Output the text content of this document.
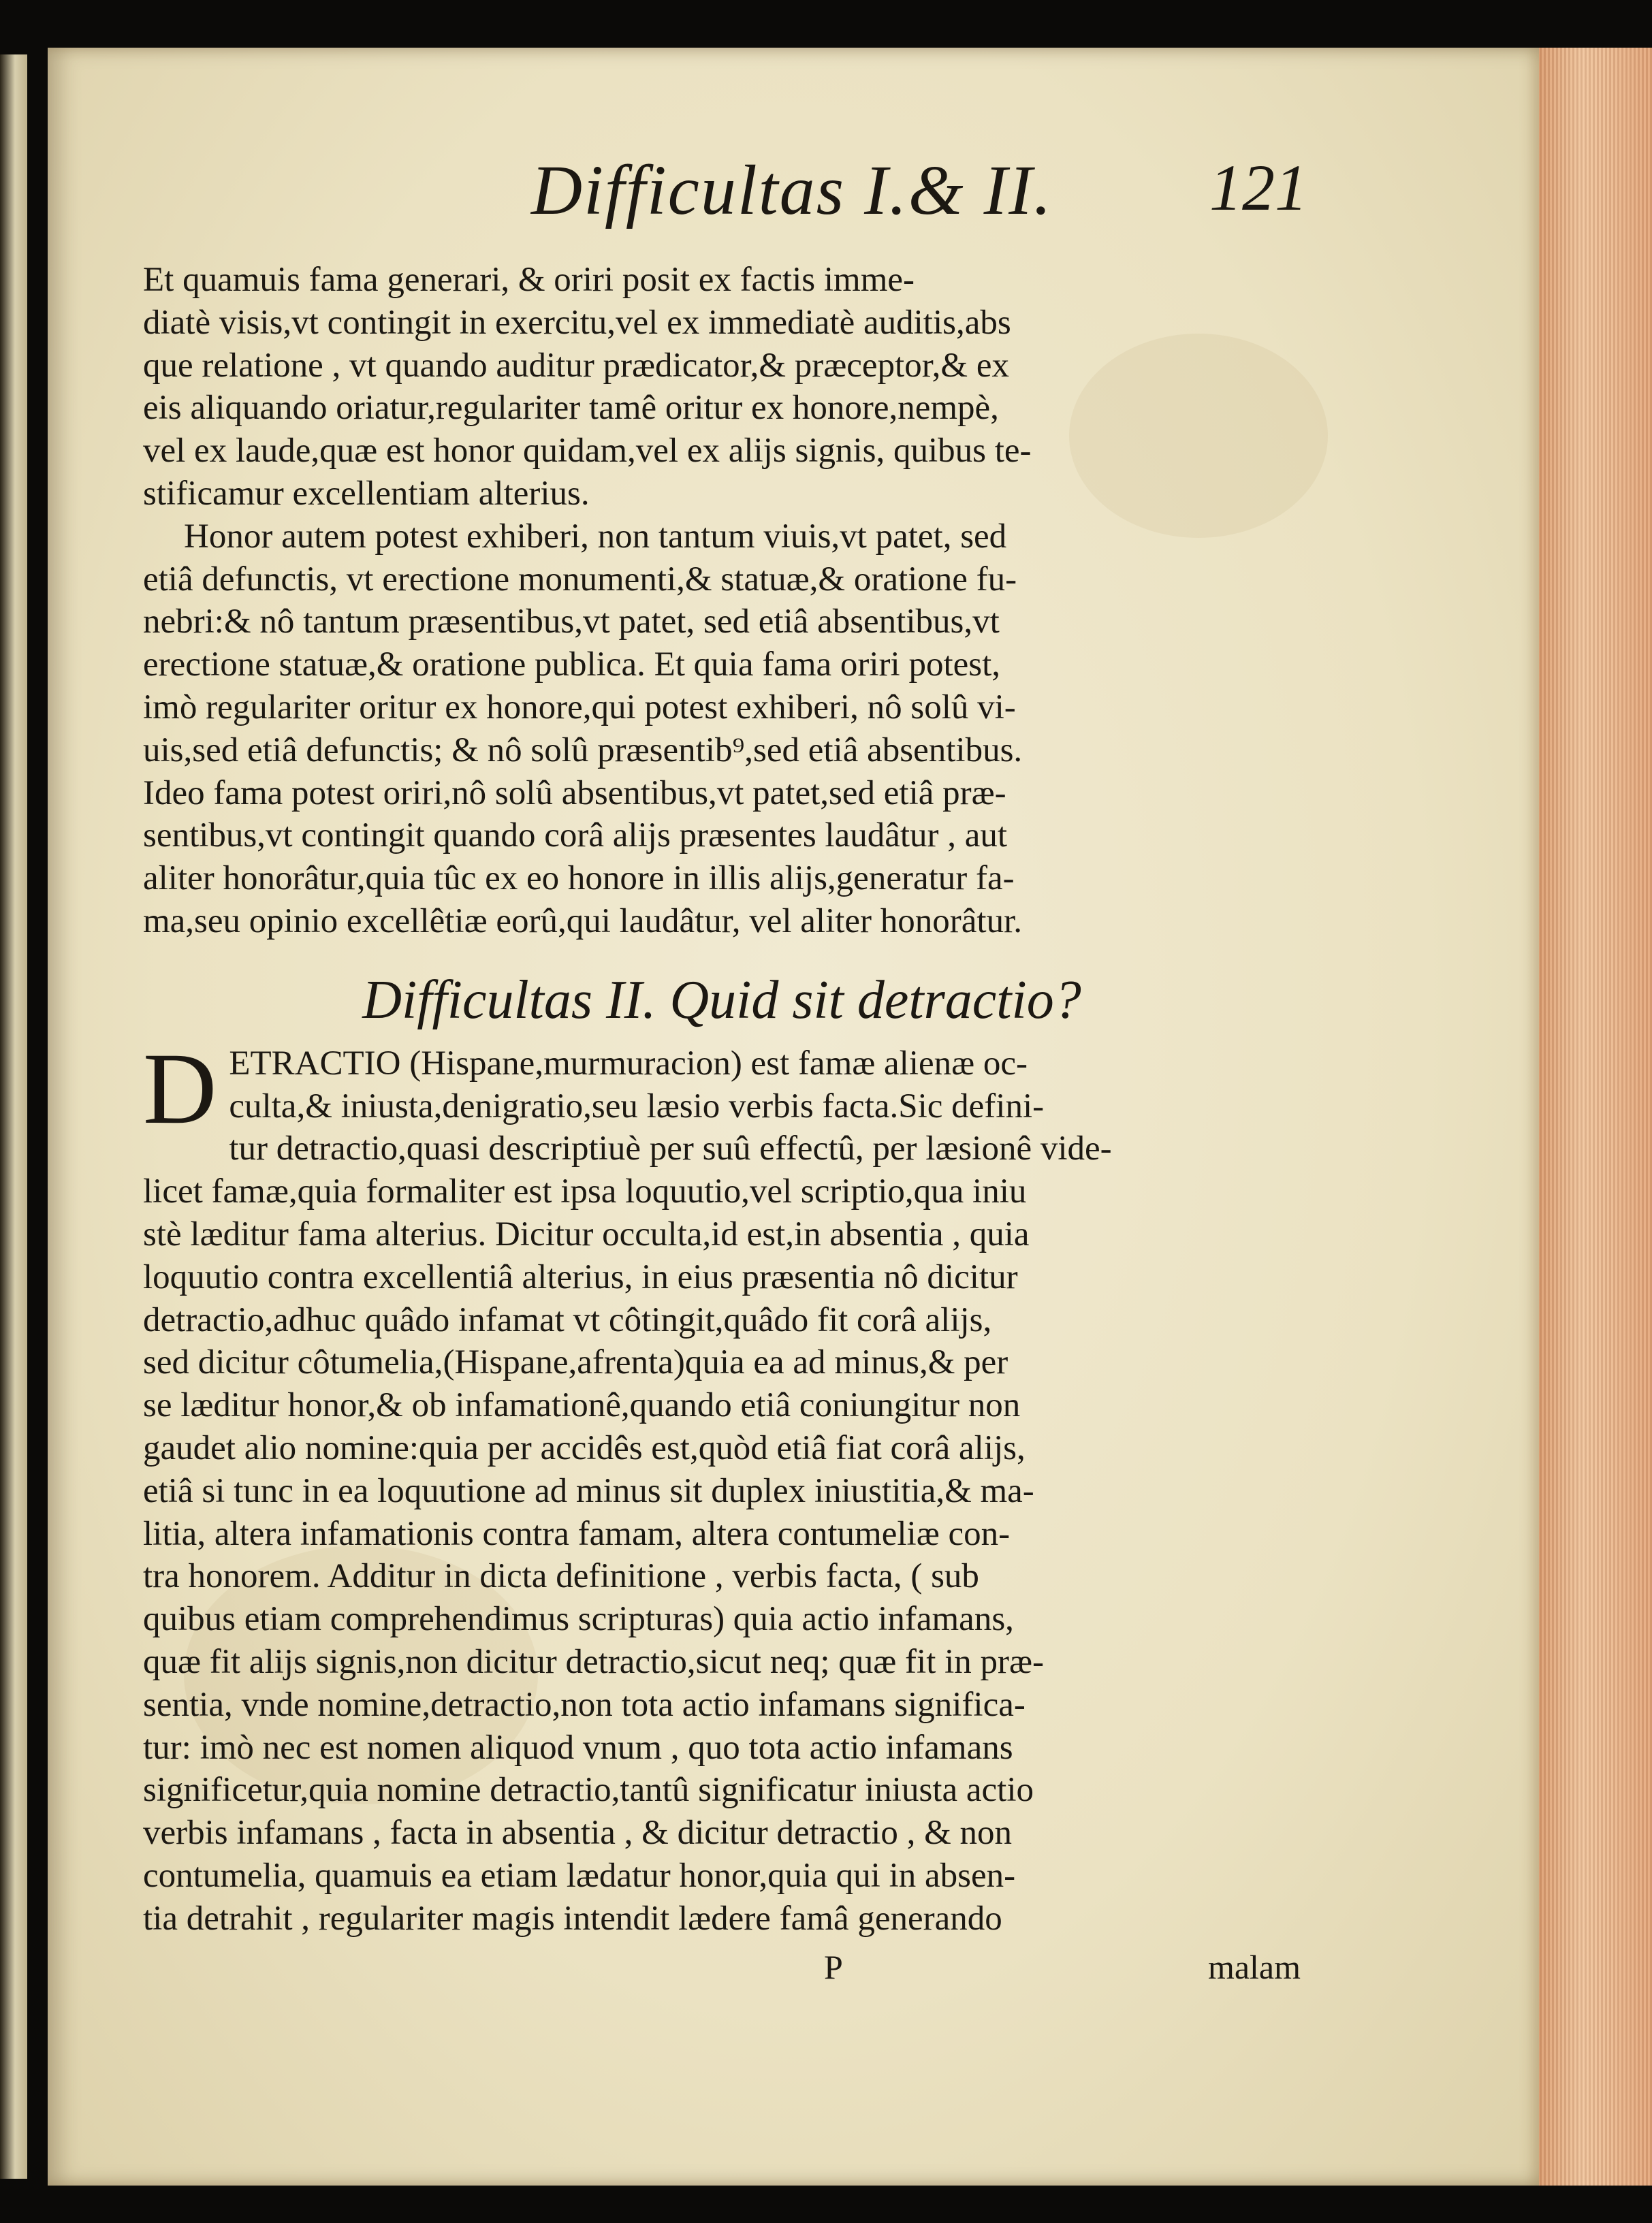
Difficultas I.& II. 121
Et quamuis fama generari, & oriri posit ex factis imme-
diatè visis,vt contingit in exercitu,vel ex immediatè auditis,abs
que relatione , vt quando auditur prædicator,& præceptor,& ex
eis aliquando oriatur,regulariter tamê oritur ex honore,nempè,
vel ex laude,quæ est honor quidam,vel ex alijs signis, quibus te-
stificamur excellentiam alterius.
Honor autem potest exhiberi, non tantum viuis,vt patet, sed
etiâ defunctis, vt erectione monumenti,& statuæ,& oratione fu-
nebri:& nô tantum præsentibus,vt patet, sed etiâ absentibus,vt
erectione statuæ,& oratione publica. Et quia fama oriri potest,
imò regulariter oritur ex honore,qui potest exhiberi, nô solû vi-
uis,sed etiâ defunctis; & nô solû præsentib⁹,sed etiâ absentibus.
Ideo fama potest oriri,nô solû absentibus,vt patet,sed etiâ præ-
sentibus,vt contingit quando corâ alijs præsentes laudâtur , aut
aliter honorâtur,quia tûc ex eo honore in illis alijs,generatur fa-
ma,seu opinio excellêtiæ eorû,qui laudâtur, vel aliter honorâtur.
Difficultas II. Quid sit detractio?
D ETRACTIO (Hispane,murmuracion) est famæ alienæ oc-
culta,& iniusta,denigratio,seu læsio verbis facta.Sic defini-
tur detractio,quasi descriptiuè per suû effectû, per læsionê vide-
licet famæ,quia formaliter est ipsa loquutio,vel scriptio,qua iniu
stè læditur fama alterius. Dicitur occulta,id est,in absentia , quia
loquutio contra excellentiâ alterius, in eius præsentia nô dicitur
detractio,adhuc quâdo infamat vt côtingit,quâdo fit corâ alijs,
sed dicitur côtumelia,(Hispane,afrenta)quia ea ad minus,& per
se læditur honor,& ob infamationê,quando etiâ coniungitur non
gaudet alio nomine:quia per accidês est,quòd etiâ fiat corâ alijs,
etiâ si tunc in ea loquutione ad minus sit duplex iniustitia,& ma-
litia, altera infamationis contra famam, altera contumeliæ con-
tra honorem. Additur in dicta definitione , verbis facta, ( sub
quibus etiam comprehendimus scripturas) quia actio infamans,
quæ fit alijs signis,non dicitur detractio,sicut neq; quæ fit in præ-
sentia, vnde nomine,detractio,non tota actio infamans significa-
tur: imò nec est nomen aliquod vnum , quo tota actio infamans
significetur,quia nomine detractio,tantû significatur iniusta actio
verbis infamans , facta in absentia , & dicitur detractio , & non
contumelia, quamuis ea etiam lædatur honor,quia qui in absen-
tia detrahit , regulariter magis intendit lædere famâ generando
P	malam
